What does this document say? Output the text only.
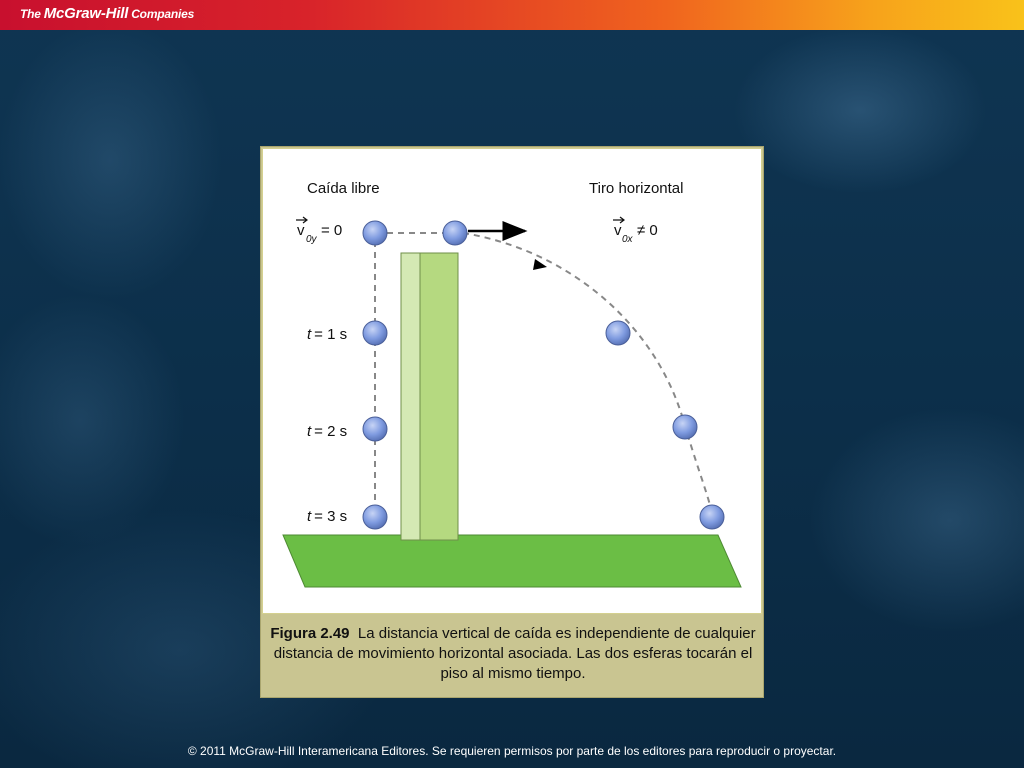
The McGraw-Hill Companies
Caída libre	Tiro horizontal
v
0y
= 0	v
0x
≠ 0
t = 1 s
t = 2 s
t = 3 s
Figura 2.49 La distancia vertical de caída es independiente de cualquier distancia de movimiento horizontal asociada. Las dos esferas tocarán el piso al mismo tiempo.
© 2011 McGraw-Hill Interamericana Editores. Se requieren permisos por parte de los editores para reproducir o proyectar.
